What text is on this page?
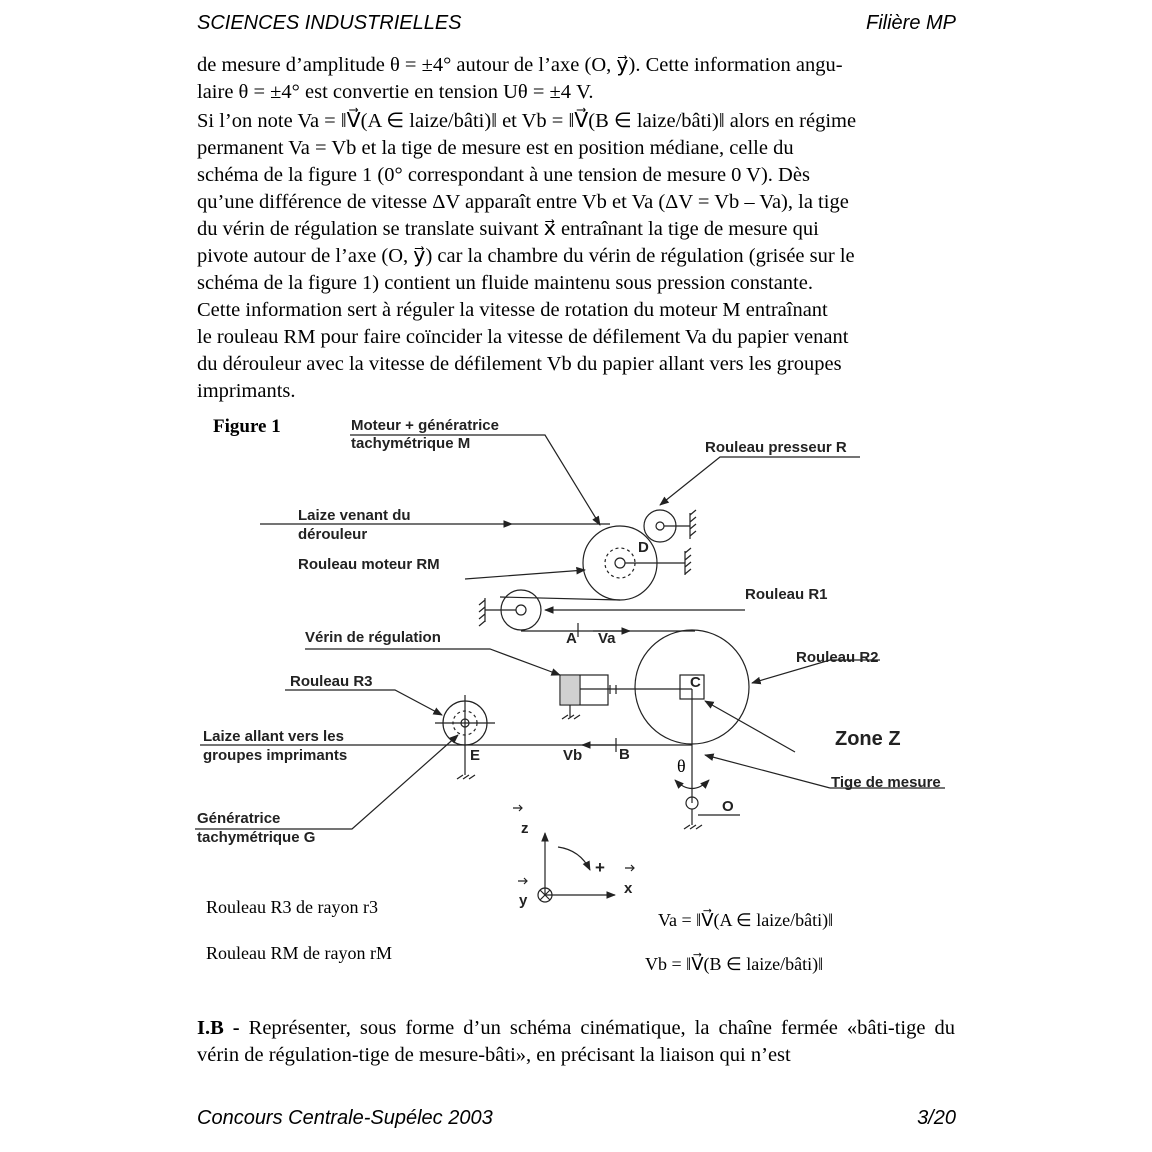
SCIENCES INDUSTRIELLES	Filière MP

de mesure d’amplitude θ = ±4° autour de l’axe (O, y⃗). Cette information angu-

laire θ = ±4° est convertie en tension Uθ = ±4 V.

Si l’on note Va = ‖V⃗(A ∈ laize/bâti)‖ et Vb = ‖V⃗(B ∈ laize/bâti)‖ alors en régime

permanent Va = Vb et la tige de mesure est en position médiane, celle du

schéma de la figure 1 (0° correspondant à une tension de mesure 0 V). Dès

qu’une différence de vitesse ΔV apparaît entre Vb et Va (ΔV = Vb – Va), la tige

du vérin de régulation se translate suivant x⃗ entraînant la tige de mesure qui

pivote autour de l’axe (O, y⃗) car la chambre du vérin de régulation (grisée sur le

schéma de la figure 1) contient un fluide maintenu sous pression constante.

Cette information sert à réguler la vitesse de rotation du moteur M entraînant

le rouleau RM pour faire coïncider la vitesse de défilement Va du papier venant

du dérouleur avec la vitesse de défilement Vb du papier allant vers les groupes

imprimants.

Figure 1	Moteur + génératrice
tachymétrique M	Rouleau presseur R
Laize venant du
dérouleur
D
Rouleau moteur RM
Rouleau R1
Vérin de régulation	A Va
Rouleau R2
C
Rouleau R3
Laize allant vers les
groupes imprimants	E	Vb B
Zone Z
θ
Tige de mesure
O
Génératrice
tachymétrique G
z
+
x
y
Rouleau R3 de rayon r3
Rouleau RM de rayon rM
Va = ‖V⃗(A ∈ laize/bâti)‖
Vb = ‖V⃗(B ∈ laize/bâti)‖

I.B - Représenter, sous forme d’un schéma cinématique, la chaîne fermée «bâti-tige du vérin de régulation-tige de mesure-bâti», en précisant la liaison qui n’est

Concours Centrale-Supélec 2003	3/20
